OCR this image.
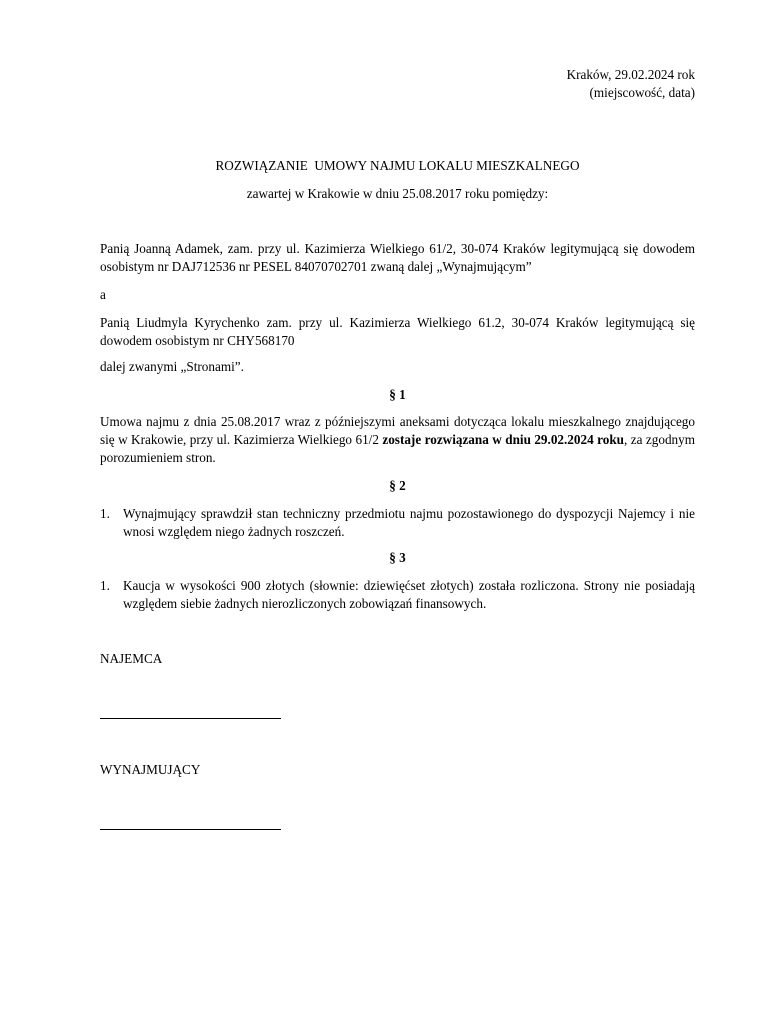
Kraków, 29.02.2024 rok
(miejscowość, data)
ROZWIĄZANIE  UMOWY NAJMU LOKALU MIESZKALNEGO
zawartej w Krakowie w dniu 25.08.2017 roku pomiędzy:
Panią Joanną Adamek, zam. przy ul. Kazimierza Wielkiego 61/2, 30-074 Kraków legitymującą się dowodem osobistym nr DAJ712536 nr PESEL 84070702701 zwaną dalej „Wynajmującym”
a
Panią Liudmyla Kyrychenko zam. przy ul. Kazimierza Wielkiego 61.2, 30-074 Kraków legitymującą się dowodem osobistym nr CHY568170
dalej zwanymi „Stronami”.
§ 1
Umowa najmu z dnia 25.08.2017 wraz z późniejszymi aneksami dotycząca lokalu mieszkalnego znajdującego się w Krakowie, przy ul. Kazimierza Wielkiego 61/2 zostaje rozwiązana w dniu 29.02.2024 roku, za zgodnym porozumieniem stron.
§ 2
1. Wynajmujący sprawdził stan techniczny przedmiotu najmu pozostawionego do dyspozycji Najemcy i nie wnosi względem niego żadnych roszczeń.
§ 3
1. Kaucja w wysokości 900 złotych (słownie: dziewięćset złotych) została rozliczona. Strony nie posiadają względem siebie żadnych nierozliczonych zobowiązań finansowych.
NAJEMCA
WYNAJMUJĄCY
